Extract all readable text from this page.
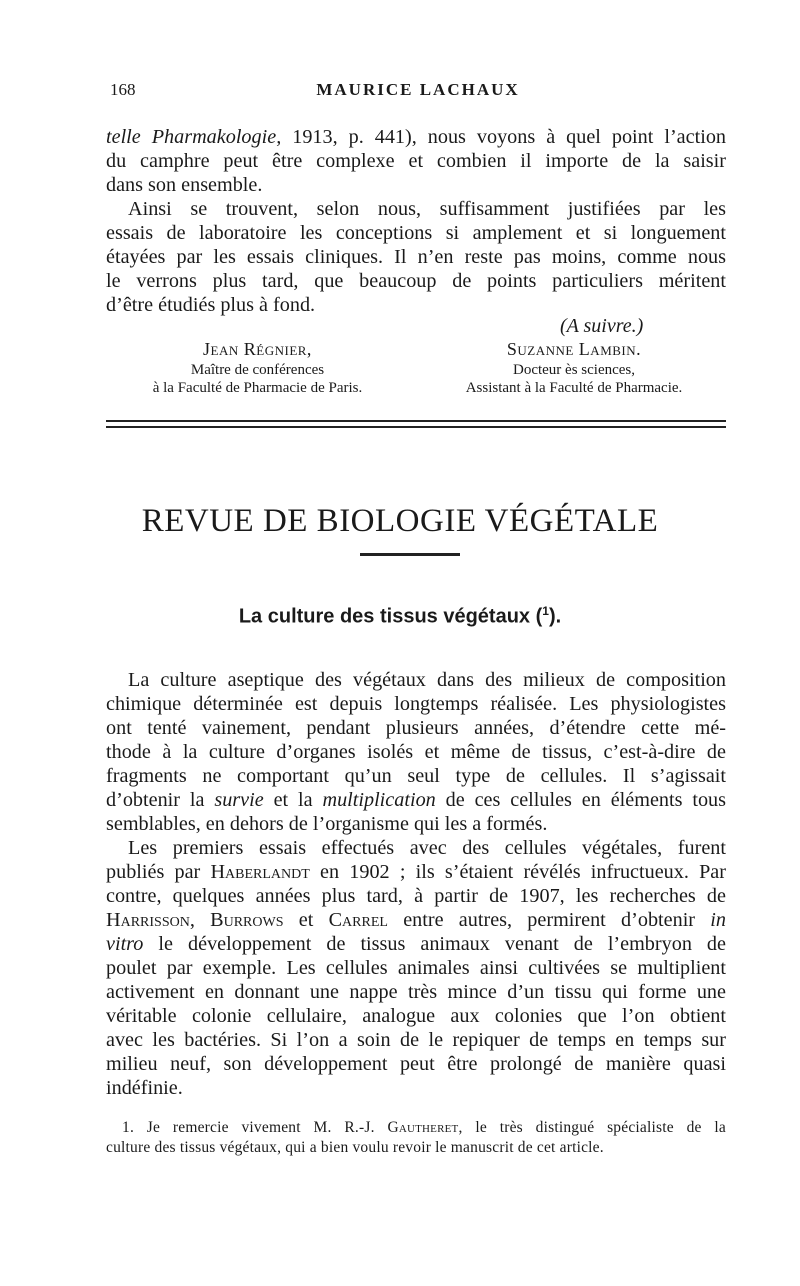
168	MAURICE LACHAUX
telle Pharmakologie, 1913, p. 441), nous voyons à quel point l’action
du camphre peut être complexe et combien il importe de la saisir
dans son ensemble.
Ainsi se trouvent, selon nous, suffisamment justifiées par les
essais de laboratoire les conceptions si amplement et si longuement
étayées par les essais cliniques. Il n’en reste pas moins, comme nous
le verrons plus tard, que beaucoup de points particuliers méritent
d’être étudiés plus à fond.
(A suivre.)
Jean Régnier,
Maître de conférences
à la Faculté de Pharmacie de Paris.
Suzanne Lambin.
Docteur ès sciences,
Assistant à la Faculté de Pharmacie.
REVUE DE BIOLOGIE VÉGÉTALE
La culture des tissus végétaux ($^1$).
La culture aseptique des végétaux dans des milieux de composition
chimique déterminée est depuis longtemps réalisée. Les physiologistes
ont tenté vainement, pendant plusieurs années, d’étendre cette mé-
thode à la culture d’organes isolés et même de tissus, c’est-à-dire de
fragments ne comportant qu’un seul type de cellules. Il s’agissait
d’obtenir la survie et la multiplication de ces cellules en éléments tous
semblables, en dehors de l’organisme qui les a formés.
Les premiers essais effectués avec des cellules végétales, furent
publiés par Haberlandt en 1902 ; ils s’étaient révélés infructueux. Par
contre, quelques années plus tard, à partir de 1907, les recherches de
Harrisson, Burrows et Carrel entre autres, permirent d’obtenir in
vitro le développement de tissus animaux venant de l’embryon de
poulet par exemple. Les cellules animales ainsi cultivées se multiplient
activement en donnant une nappe très mince d’un tissu qui forme une
véritable colonie cellulaire, analogue aux colonies que l’on obtient
avec les bactéries. Si l’on a soin de le repiquer de temps en temps sur
milieu neuf, son développement peut être prolongé de manière quasi
indéfinie.
1. Je remercie vivement M. R.-J. Gautheret, le très distingué spécialiste de la
culture des tissus végétaux, qui a bien voulu revoir le manuscrit de cet article.
